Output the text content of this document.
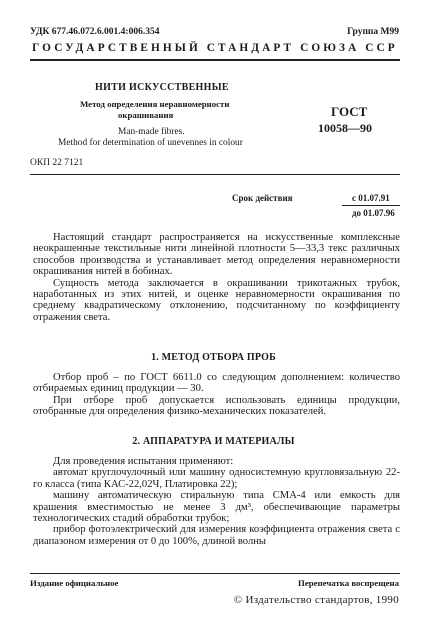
УДК 677.46.072.6.001.4:006.354	Группа М99
ГОСУДАРСТВЕННЫЙ СТАНДАРТ СОЮЗА ССР
НИТИ ИСКУССТВЕННЫЕ
Метод определения неравномерности
окрашивания
Man-made fibres.
Method for determination of unevennes in colour
ГОСТ
10058—90
ОКП 22 7121
Срок действия	с 01.07.91
до 01.07.96

Настоящий стандарт распространяется на искусственные комплексные неокрашенные текстильные нити линейной плотности 5—33,3 текс различных способов производства и устанавливает метод определения неравномерности окрашивания нитей в бобинах.

Сущность метода заключается в окрашивании трикотажных трубок, наработанных из этих нитей, и оценке неравномерности окрашивания по среднему квадратическому отклонению, подсчитанному по коэффициенту отражения света.

1. МЕТОД ОТБОРА ПРОБ

Отбор проб – по ГОСТ 6611.0 со следующим дополнением: количество отбираемых единиц продукции — 30.

При отборе проб допускается использовать единицы продукции, отобранные для определения физико-механических показателей.

2. АППАРАТУРА И МАТЕРИАЛЫ

Для проведения испытания применяют:

автомат круглочулочный или машину односистемную кругловязальную 22-го класса (типа КАС-22,02Ч, Платировка 22);

машину автоматическую стиральную типа СМА-4 или емкость для крашения вместимостью не менее 3 дм³, обеспечивающие параметры технологических стадий обработки трубок;

прибор фотоэлектрический для измерения коэффициента отражения света с диапазоном измерения от 0 до 100%, длиной волны

Издание официальное	Перепечатка воспрещена
© Издательство стандартов, 1990
